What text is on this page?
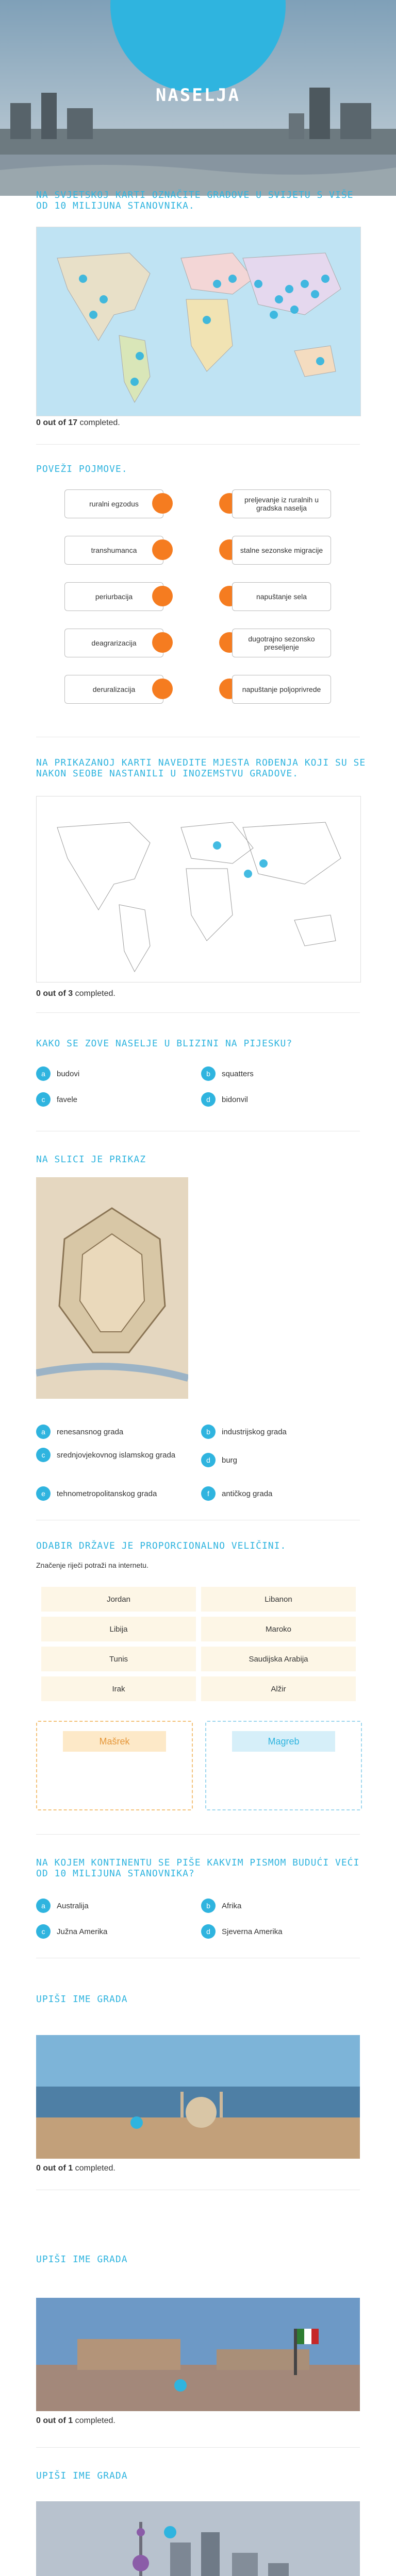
NASELJA
NA SVJETSKOJ KARTI OZNAČITE GRADOVE U SVIJETU S VIŠE OD 10 MILIJUNA STANOVNIKA.
0 out of 17 completed.
POVEŽI POJMOVE.
ruralni egzodus	preljevanje iz ruralnih u gradska naselja
transhumanca	stalne sezonske migracije
periurbacija	napuštanje sela
deagrarizacija	dugotrajno sezonsko preseljenje
deruralizacija	napuštanje poljoprivrede
NA PRIKAZANOJ KARTI NAVEDITE MJESTA ROĐENJA KOJI SU SE NAKON SEOBE NASTANILI U INOZEMSTVU GRADOVE.
0 out of 3 completed.
KAKO SE ZOVE NASELJE U BLIZINI NA PIJESKU?
a	budovi
c	favele
b	squatters
d	bidonvil
NA SLICI JE PRIKAZ
a	renesansnog grada
c	srednjovjekovnog islamskog grada
e	tehnometropolitanskog grada
b	industrijskog grada
d	burg
f	antičkog grada
ODABIR DRŽAVE JE PROPORCIONALNO VELIČINI.
Značenje riječi potraži na internetu.
Jordan	Libanon
Libija	Maroko
Tunis	Saudijska Arabija
Irak	Alžir
Mašrek	Magreb
NA KOJEM KONTINENTU SE PIŠE KAKVIM PISMOM BUDUĆI VEĆI OD 10 MILIJUNA STANOVNIKA?
a	Australija
c	Južna Amerika
b	Afrika
d	Sjeverna Amerika
UPIŠI IME GRADA
0 out of 1 completed.
UPIŠI IME GRADA
0 out of 1 completed.
UPIŠI IME GRADA
